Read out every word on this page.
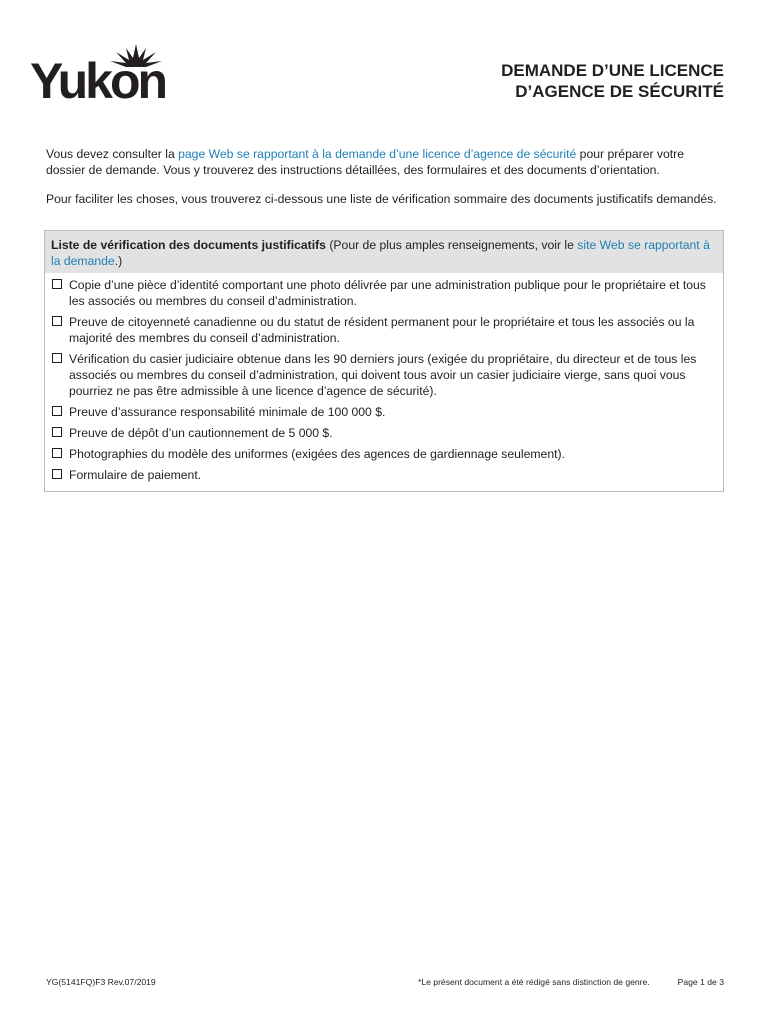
Yukon	DEMANDE D’UNE LICENCE
D’AGENCE DE SÉCURITÉ

Vous devez consulter la page Web se rapportant à la demande d’une licence d’agence de sécurité pour préparer votre dossier de demande. Vous y trouverez des instructions détaillées, des formulaires et des documents d’orientation.

Pour faciliter les choses, vous trouverez ci-dessous une liste de vérification sommaire des documents justificatifs demandés.

Liste de vérification des documents justificatifs (Pour de plus amples renseignements, voir le site Web se rapportant à la demande.)
Copie d’une pièce d’identité comportant une photo délivrée par une administration publique pour le propriétaire et tous les associés ou membres du conseil d’administration.
Preuve de citoyenneté canadienne ou du statut de résident permanent pour le propriétaire et tous les associés ou la majorité des membres du conseil d’administration.
Vérification du casier judiciaire obtenue dans les 90 derniers jours (exigée du propriétaire, du directeur et de tous les associés ou membres du conseil d’administration, qui doivent tous avoir un casier judiciaire vierge, sans quoi vous pourriez ne pas être admissible à une licence d’agence de sécurité).
Preuve d’assurance responsabilité minimale de 100 000 $.
Preuve de dépôt d’un cautionnement de 5 000 $.
Photographies du modèle des uniformes (exigées des agences de gardiennage seulement).
Formulaire de paiement.
YG(5141FQ)F3 Rev.07/2019	*Le présent document a été rédigé sans distinction de genre.	Page 1 de 3
